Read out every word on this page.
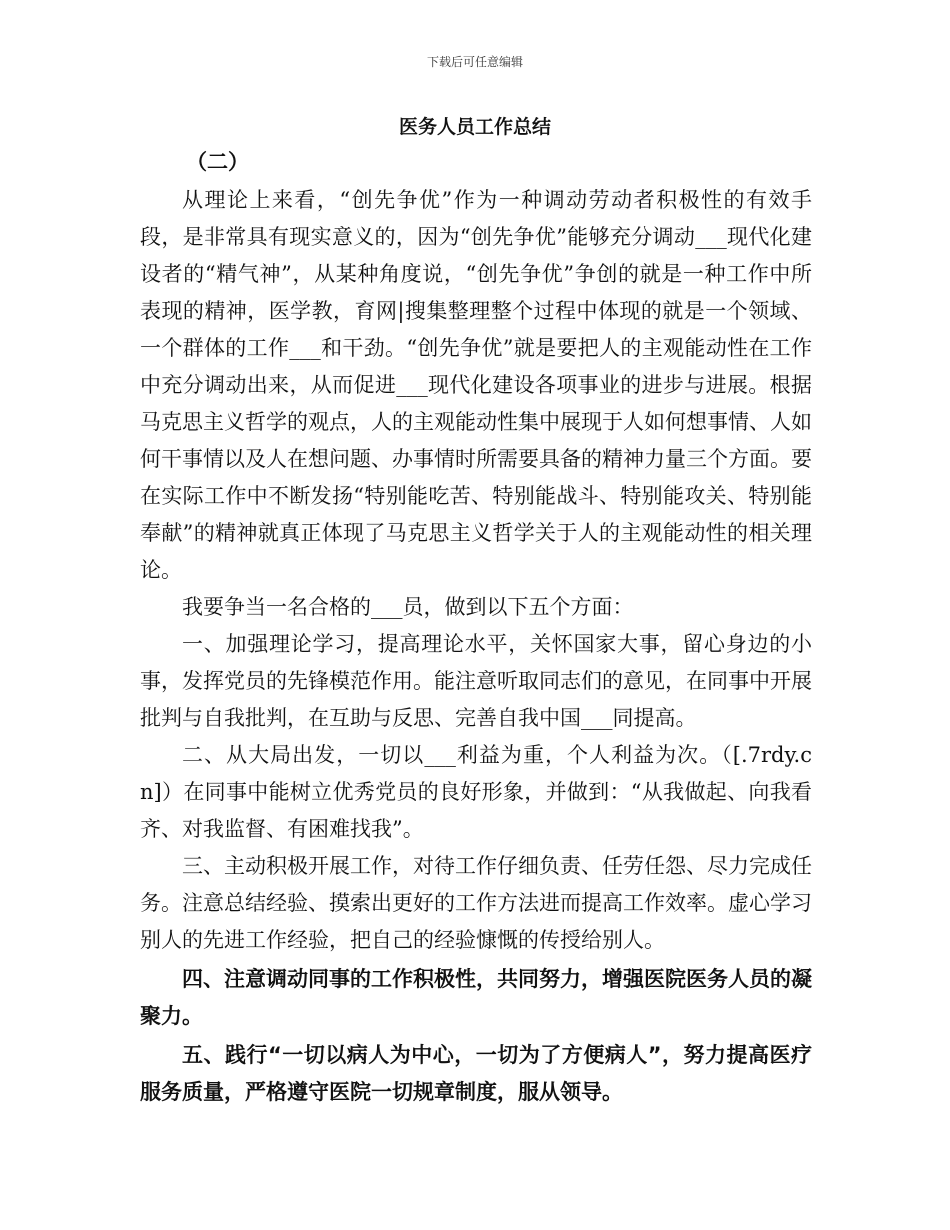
下载后可任意编辑
医务人员工作总结
（二）

从理论上来看，“创先争优”作为一种调动劳动者积极性的有效手段，是非常具有现实意义的，因为“创先争优”能够充分调动___现代化建设者的“精气神”，从某种角度说，“创先争优”争创的就是一种工作中所表现的精神，医学教，育网|搜集整理整个过程中体现的就是一个领域、一个群体的工作___和干劲。“创先争优”就是要把人的主观能动性在工作中充分调动出来，从而促进___现代化建设各项事业的进步与进展。根据马克思主义哲学的观点，人的主观能动性集中展现于人如何想事情、人如何干事情以及人在想问题、办事情时所需要具备的精神力量三个方面。要在实际工作中不断发扬“特别能吃苦、特别能战斗、特别能攻关、特别能奉献”的精神就真正体现了马克思主义哲学关于人的主观能动性的相关理论。

我要争当一名合格的___员，做到以下五个方面：

一、加强理论学习，提高理论水平，关怀国家大事，留心身边的小事，发挥党员的先锋模范作用。能注意听取同志们的意见，在同事中开展批判与自我批判，在互助与反思、完善自我中国___同提高。

二、从大局出发，一切以___利益为重，个人利益为次。（[.7rdy.cn]）在同事中能树立优秀党员的良好形象，并做到：“从我做起、向我看齐、对我监督、有困难找我”。

三、主动积极开展工作，对待工作仔细负责、任劳任怨、尽力完成任务。注意总结经验、摸索出更好的工作方法进而提高工作效率。虚心学习别人的先进工作经验，把自己的经验慷慨的传授给别人。

四、注意调动同事的工作积极性，共同努力，增强医院医务人员的凝聚力。

五、践行“一切以病人为中心，一切为了方便病人”，努力提高医疗服务质量，严格遵守医院一切规章制度，服从领导。
